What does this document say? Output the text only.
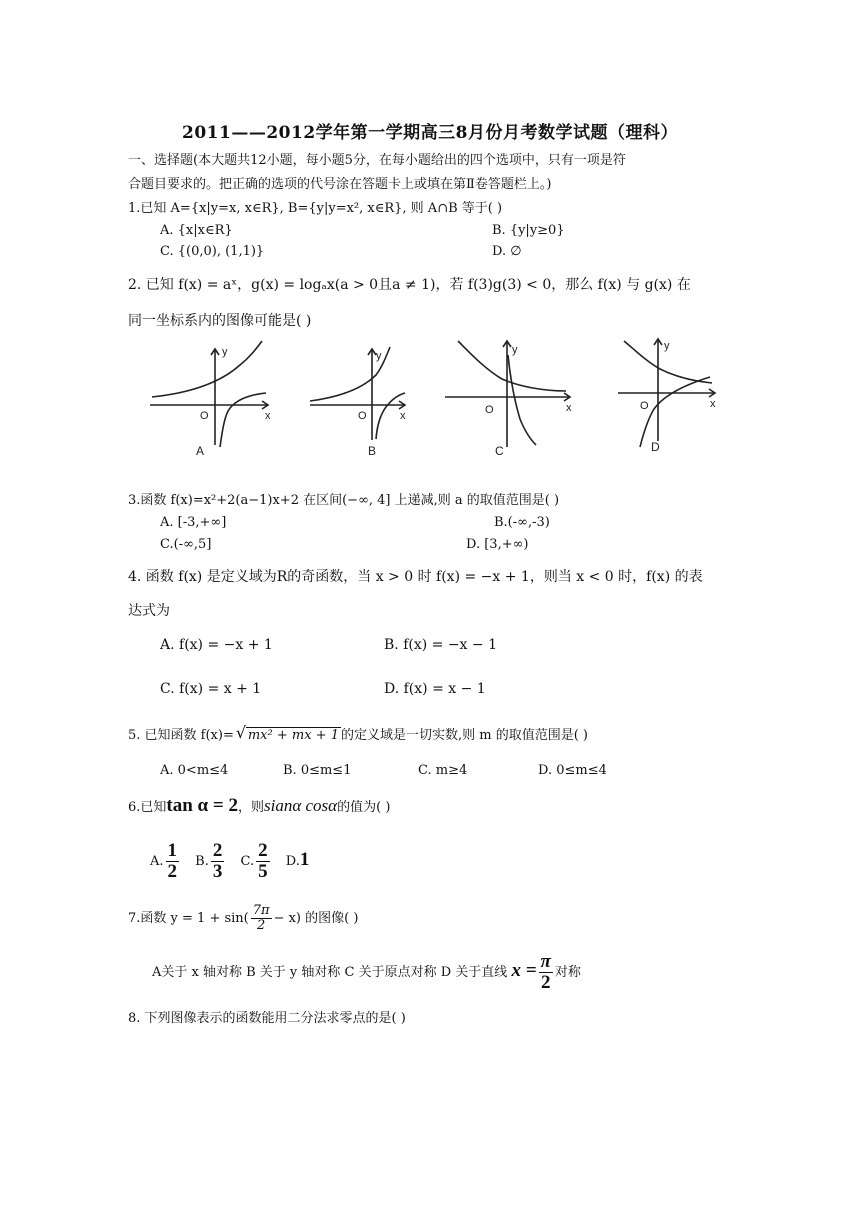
2011——2012学年第一学期高三8月份月考数学试题（理科）
一、选择题(本大题共12小题，每小题5分，在每小题给出的四个选项中，只有一项是符
合题目要求的。把正确的选项的代号涂在答题卡上或填在第Ⅱ卷答题栏上。)
1.已知 A={x|y=x, x∈R}, B={y|y=x², x∈R}, 则 A∩B 等于( )
A. {x|x∈R}	B. {y|y≥0}
C. {(0,0), (1,1)}	D. ∅
2. 已知 f(x) = aˣ，g(x) = logₐx(a > 0且a ≠ 1)，若 f(3)g(3) < 0，那么 f(x) 与 g(x) 在
同一坐标系内的图像可能是( )
y
x
O
y
x
O
y
x
O
y
x
O
A	B	C	D
3.函数 f(x)=x²+2(a−1)x+2 在区间(−∞, 4] 上递减,则 a 的取值范围是( )
A. [-3,+∞]	B.(-∞,-3)
C.(-∞,5]	D. [3,+∞)
4. 函数 f(x) 是定义域为R的奇函数，当 x > 0 时 f(x) = −x + 1，则当 x < 0 时，f(x) 的表
达式为
A. f(x) = −x + 1	B. f(x) = −x − 1
C. f(x) = x + 1	D. f(x) = x − 1
5. 已知函数 f(x)= √ mx² + mx + 1 的定义域是一切实数,则 m 的取值范围是( )
A. 0<m≤4	B. 0≤m≤1	C. m≥4	D. 0≤m≤4
6.已知tan α = 2，则sianα cosα的值为( )
A. $\frac{1}{2} B$. $\frac{2}{3} C$. $\frac{2}{5} D.1$
7.函数 $y = 1 + \sin( \frac{7\pi}{2} - x)$ 的图像( )
A关于 x 轴对称 B 关于 y 轴对称 C 关于原点对称 D 关于直线 $x = \frac{\pi}{2}$ 对称
8. 下列图像表示的函数能用二分法求零点的是( )
